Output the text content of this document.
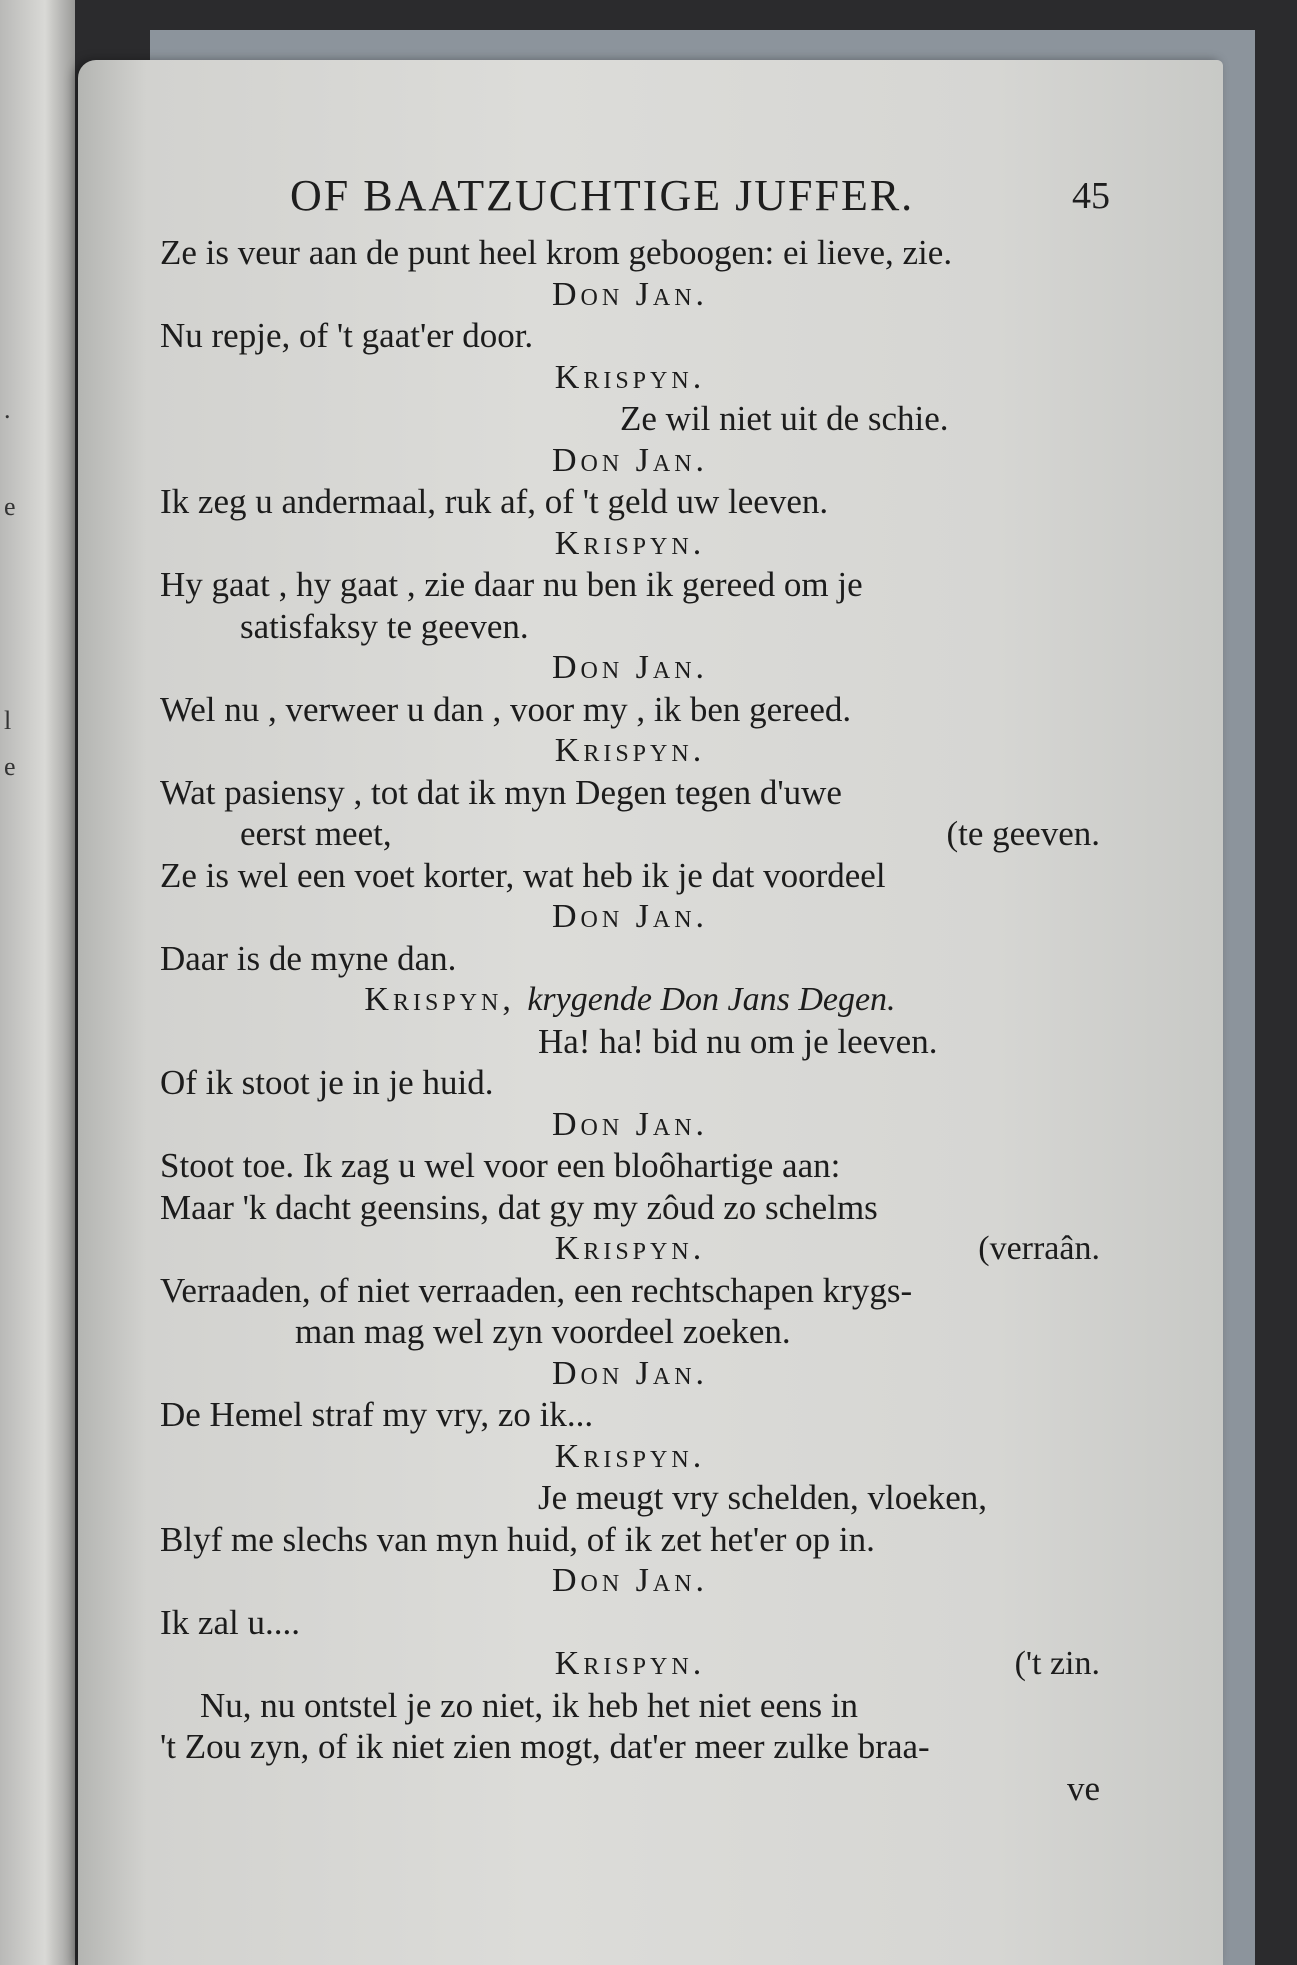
.
e
l
e
OF BAATZUCHTIGE JUFFER.	45
Ze is veur aan de punt heel krom geboogen: ei lieve, zie.
Don Jan.
Nu repje, of 't gaat'er door.
Krispyn.
Ze wil niet uit de schie.
Don Jan.
Ik zeg u andermaal, ruk af, of 't geld uw leeven.
Krispyn.
Hy gaat , hy gaat , zie daar nu ben ik gereed om je
satisfaksy te geeven.
Don Jan.
Wel nu , verweer u dan , voor my , ik ben gereed.
Krispyn.
Wat pasiensy , tot dat ik myn Degen tegen d'uwe
eerst meet,	(te geeven.
Ze is wel een voet korter, wat heb ik je dat voordeel
Don Jan.
Daar is de myne dan.
Krispyn, krygende Don Jans Degen.
Ha! ha! bid nu om je leeven.
Of ik stoot je in je huid.
Don Jan.
Stoot toe. Ik zag u wel voor een bloôhartige aan:
Maar 'k dacht geensins, dat gy my zôud zo schelms
Krispyn.	(verraân.
Verraaden, of niet verraaden, een rechtschapen krygs-
man mag wel zyn voordeel zoeken.
Don Jan.
De Hemel straf my vry, zo ik...
Krispyn.
Je meugt vry schelden, vloeken,
Blyf me slechs van myn huid, of ik zet het'er op in.
Don Jan.
Ik zal u....
Krispyn.	('t zin.
Nu, nu ontstel je zo niet, ik heb het niet eens in
't Zou zyn, of ik niet zien mogt, dat'er meer zulke braa-
ve
